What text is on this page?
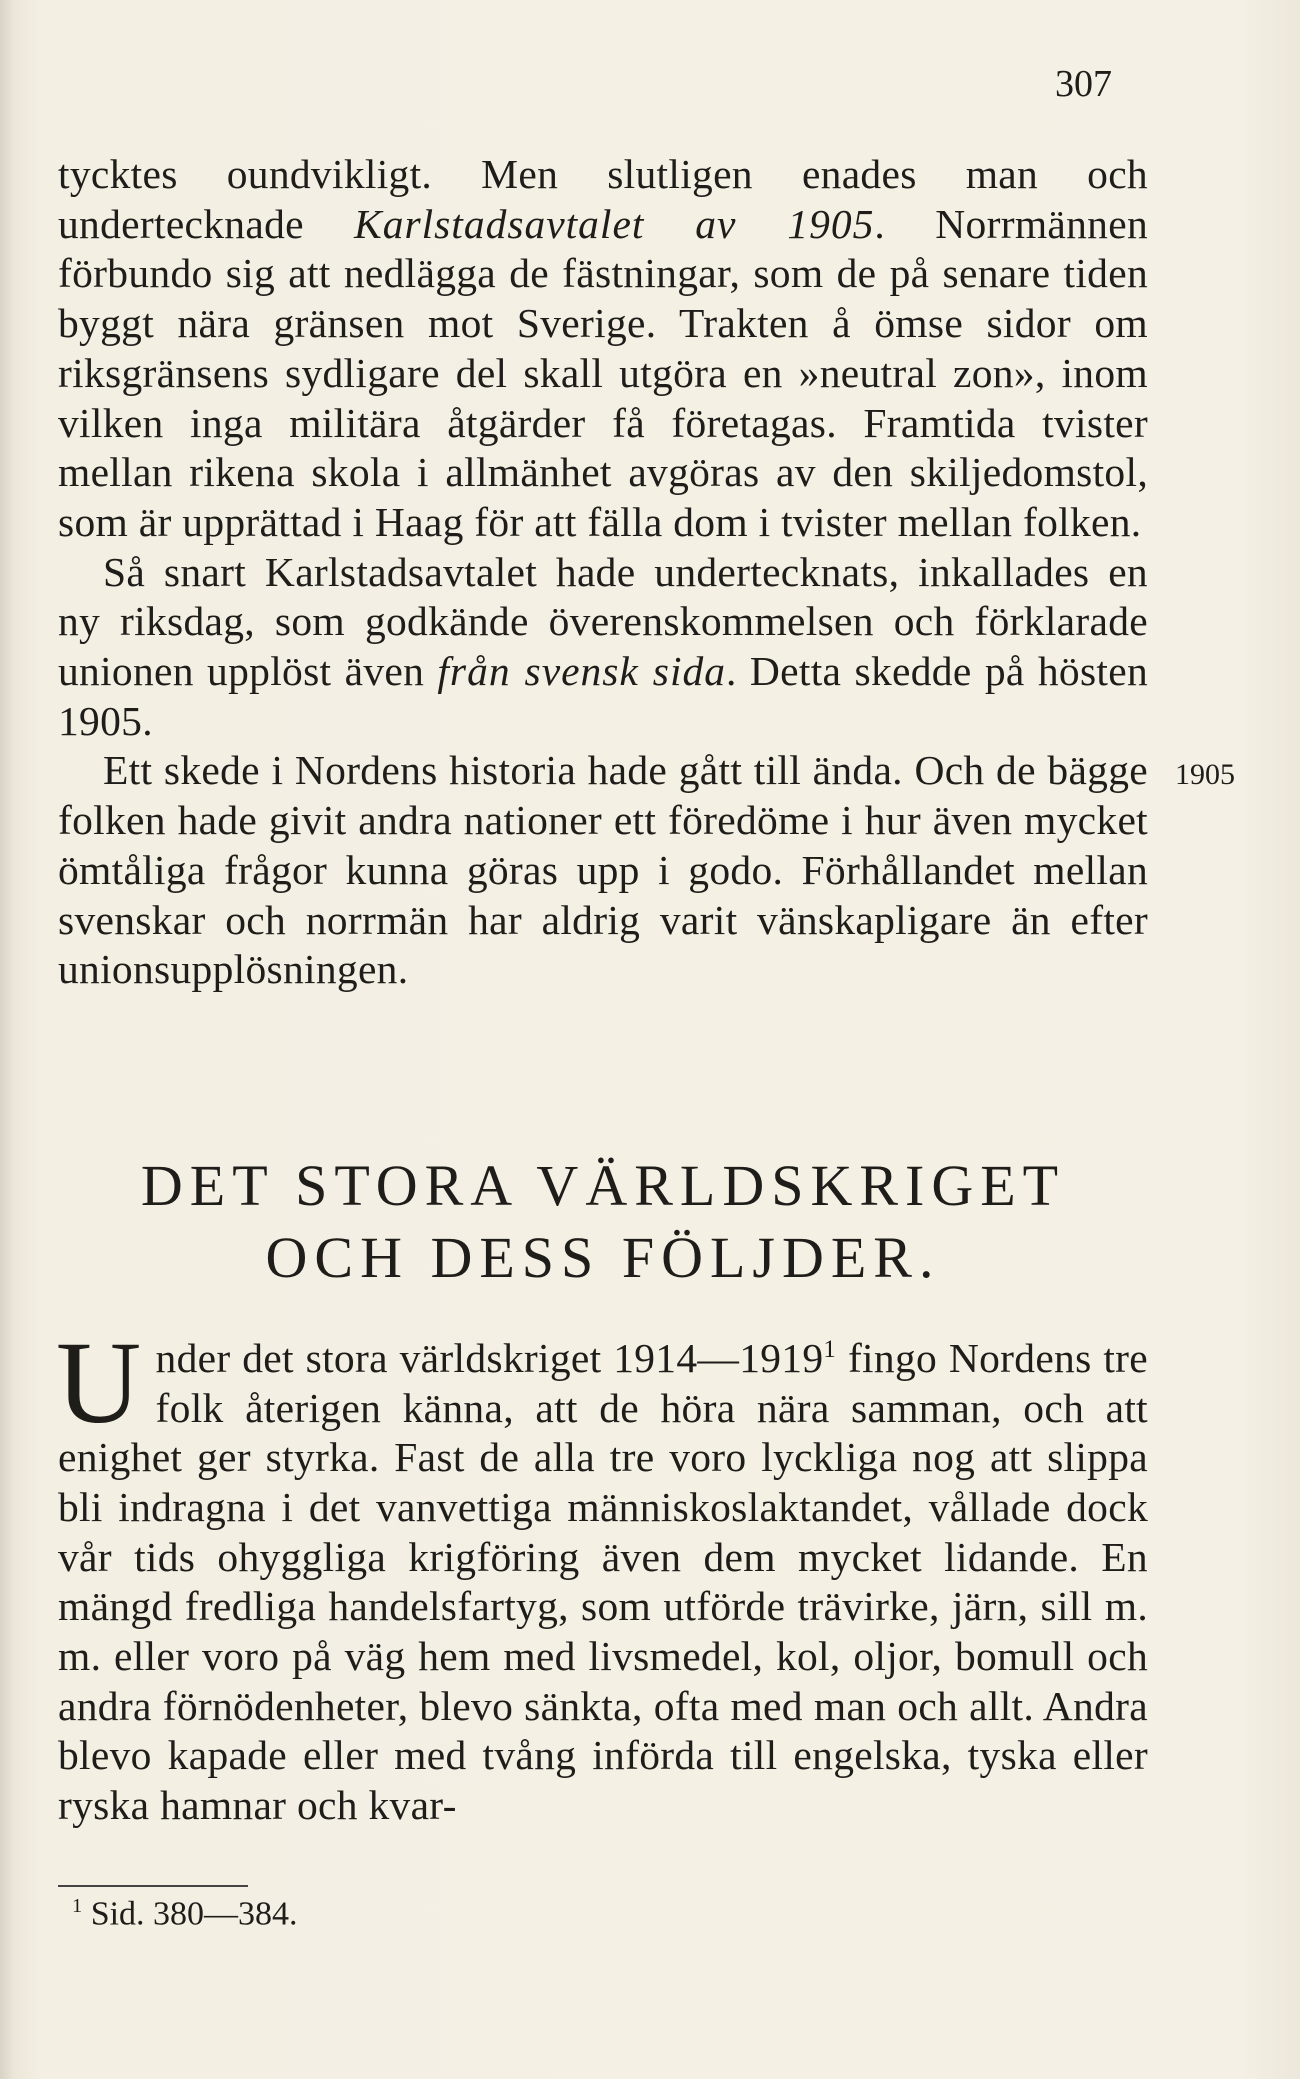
307

tycktes oundvikligt. Men slutligen enades man och undertecknade Karlstadsavtalet av 1905. Norrmännen förbundo sig att nedlägga de fästningar, som de på senare tiden byggt nära gränsen mot Sverige. Trakten å ömse sidor om riksgränsens sydligare del skall utgöra en »neutral zon», inom vilken inga militära åtgärder få företagas. Framtida tvister mellan rikena skola i allmänhet avgöras av den skiljedomstol, som är upprättad i Haag för att fälla dom i tvister mellan folken.

Så snart Karlstadsavtalet hade undertecknats, inkallades en ny riksdag, som godkände överenskommelsen och förklarade unionen upplöst även från svensk sida. Detta skedde på hösten 1905.

Ett skede i Nordens historia hade gått till ända. Och de bägge folken hade givit andra nationer ett föredöme i hur även mycket ömtåliga frågor kunna göras upp i godo. Förhållandet mellan svenskar och norrmän har aldrig varit vänskapligare än efter unionsupplösningen.

1905
DET STORA VÄRLDSKRIGET
OCH DESS FÖLJDER.

Under det stora världskriget 1914—1919$^1$ fingo Nordens tre folk återigen känna, att de höra nära samman, och att enighet ger styrka. Fast de alla tre voro lyckliga nog att slippa bli indragna i det vanvettiga människoslaktandet, vållade dock vår tids ohyggliga krigföring även dem mycket lidande. En mängd fredliga handelsfartyg, som utförde trävirke, järn, sill m. m. eller voro på väg hem med livsmedel, kol, oljor, bomull och andra förnödenheter, blevo sänkta, ofta med man och allt. Andra blevo kapade eller med tvång införda till engelska, tyska eller ryska hamnar och kvar-

$^1$ Sid. 380—384.
